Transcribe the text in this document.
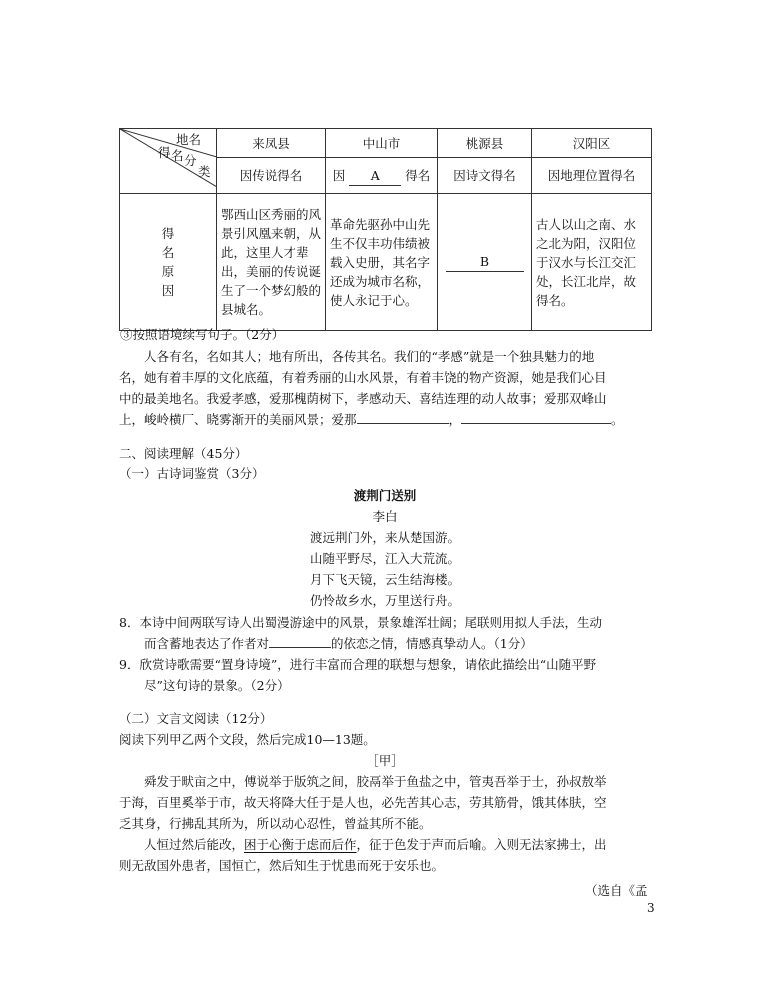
地名
得 名 分
类	来凤县	中山市	桃源县	汉阳区
	因传说得名	因 A 得名	因诗文得名	因地理位置得名

得
名
原
因	鄂西山区秀丽的风景引风凰来朝，从此，这里人才辈出，美丽的传说诞生了一个梦幻般的县城名。	革命先驱孙中山先生不仅丰功伟绩被载入史册，其名字还成为城市名称，使人永记于心。	B	古人以山之南、水之北为阳，汉阳位于汉水与长江交汇处，长江北岸，故得名。
③按照语境续写句子。（2分）
人各有名，名如其人；地有所出，各传其名。我们的“孝感”就是一个独具魅力的地
名，她有着丰厚的文化底蕴，有着秀丽的山水风景，有着丰饶的物产资源，她是我们心目
中的最美地名。我爱孝感，爱那槐荫树下，孝感动天、喜结连理的动人故事；爱那双峰山
上，峻岭横厂、晓雾渐开的美丽风景；爱那	，	。
二、阅读理解（45分）
（一）古诗词鉴赏（3分）
渡荆门送别
李白
渡远荆门外，来从楚国游。
山随平野尽，江入大荒流。
月下飞天镜，云生结海楼。
仍怜故乡水，万里送行舟。
8．本诗中间两联写诗人出蜀漫游途中的风景，景象雄浑壮阔；尾联则用拟人手法，生动
而含蓄地表达了作者对	的依恋之情，情感真挚动人。（1分）
9．欣赏诗歌需要“置身诗境”，进行丰富而合理的联想与想象，请依此描绘出“山随平野
尽”这句诗的景象。（2分）
（二）文言文阅读（12分）
阅读下列甲乙两个文段，然后完成10—13题。
［甲］
舜发于畎亩之中，傅说举于版筑之间，胶鬲举于鱼盐之中，管夷吾举于士，孙叔敖举
于海，百里奚举于市，故天将降大任于是人也，必先苦其心志，劳其筋骨，饿其体肤，空
乏其身，行拂乱其所为，所以动心忍性，曾益其所不能。
人恒过然后能改，困于心衡于虑而后作，征于色发于声而后喻。入则无法家拂士，出
则无敌国外患者，国恒亡，然后知生于忧患而死于安乐也。
（选自《孟
3
